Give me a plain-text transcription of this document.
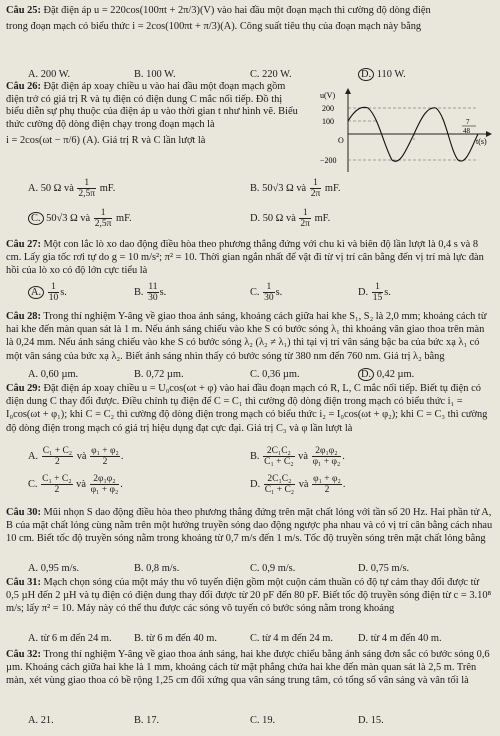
Câu 25: Đặt điện áp u = 220cos(100πt + 2π/3)(V) vào hai đầu một đoạn mạch thì cường độ dòng điện
trong đoạn mạch có biểu thức i = 2cos(100πt + π/3)(A). Công suất tiêu thụ của đoạn mạch này bằng
A. 200 W.	B. 100 W.	C. 220 W.	D. 110 W.
Câu 26: Đặt điện áp xoay chiều u vào hai đầu một đoạn mạch gồm điện trở có giá trị R và tụ điện có điện dung C mắc nối tiếp. Đồ thị biểu diễn sự phụ thuộc của điện áp u vào thời gian t như hình vẽ. Biểu thức cường độ dòng điện chạy trong đoạn mạch là
i = 2cos(ωt − π/6) (A). Giá trị R và C lần lượt là
u(V)
200
100
O
−200
7
48
t(s)
A. 50 Ω và $\frac{1}{2,5\pi}$ mF.	B. 50√3 Ω và $\frac{1}{2\pi}$ mF.
C. 50√3 Ω và $\frac{1}{2,5\pi}$ mF.	D. 50 Ω và $\frac{1}{2\pi}$ mF.
Câu 27: Một con lắc lò xo dao động điều hòa theo phương thẳng đứng với chu kì và biên độ lần lượt là 0,4 s và 8 cm. Lấy gia tốc rơi tự do g = 10 m/s²; π² = 10. Thời gian ngắn nhất để vật đi từ vị trí cân bằng đến vị trí mà lực đàn hồi của lò xo có độ lớn cực tiểu là
A. $\frac{1}{10} s$.	B. $\frac{11}{30} s$.	C. $\frac{1}{30} s$.	D. $\frac{1}{15} s$.
Câu 28: Trong thí nghiệm Y-âng về giao thoa ánh sáng, khoảng cách giữa hai khe S₁, S₂ là 2,0 mm; khoảng cách từ hai khe đến màn quan sát là 1 m. Nếu ánh sáng chiếu vào khe S có bước sóng λ₁ thì khoảng vân giao thoa trên màn là 0,24 mm. Nếu ánh sáng chiếu vào khe S có bước sóng λ₂ (λ₂ ≠ λ₁) thì tại vị trí vân sáng bậc ba của bức xạ λ₁ có một vân sáng của bức xạ λ₂. Biết ánh sáng nhìn thấy có bước sóng từ 380 nm đến 760 nm. Giá trị λ₂ bằng
A. 0,60 µm.	B. 0,72 µm.	C. 0,36 µm.	D. 0,42 µm.
Câu 29: Đặt điện áp xoay chiều u = U₀cos(ωt + φ) vào hai đầu đoạn mạch có R, L, C mắc nối tiếp. Biết tụ điện có điện dung C thay đổi được. Điều chỉnh tụ điện để C = C₁ thì cường độ dòng điện trong mạch có biểu thức i₁ = I₀cos(ωt + φ₁); khi C = C₂ thì cường độ dòng điện trong mạch có biểu thức i₂ = I₀cos(ωt + φ₂); khi C = C₃ thì cường độ dòng điện trong mạch có giá trị hiệu dụng đạt cực đại. Giá trị C₃ và φ lần lượt là
A. $\frac{\text{C₁ + C₂}}{2}$ và $\frac{\text{φ₁ + φ₂}}{2}$ .	B. $\frac{\text{2C₁C₂}}{\text{C₁ + C₂}}$ và $\frac{\text{2φ₁φ₂}}{\text{φ₁ + φ₂}}$ .
C. $\frac{\text{C₁ + C₂}}{2}$ và $\frac{\text{2φ₁φ₂}}{\text{φ₁ + φ₂}}$ .	D. $\frac{\text{2C₁C₂}}{\text{C₁ + C₂}}$ và $\frac{\text{φ₁ + φ₂}}{2}$ .
Câu 30: Mũi nhọn S dao động điều hòa theo phương thẳng đứng trên mặt chất lỏng với tần số 20 Hz. Hai phần tử A, B của mặt chất lỏng cùng nằm trên một hướng truyền sóng dao động ngược pha nhau và có vị trí cân bằng cách nhau 10 cm. Biết tốc độ truyền sóng nằm trong khoảng từ 0,7 m/s đến 1 m/s. Tốc độ truyền sóng trên mặt chất lỏng bằng
A. 0,95 m/s.	B. 0,8 m/s.	C. 0,9 m/s.	D. 0,75 m/s.
Câu 31: Mạch chọn sóng của một máy thu vô tuyến điện gồm một cuộn cảm thuần có độ tự cảm thay đổi được từ 0,5 µH đến 2 µH và tụ điện có điện dung thay đổi được từ 20 pF đến 80 pF. Biết tốc độ truyền sóng điện từ c = 3.10⁸ m/s; lấy π² = 10. Máy này có thể thu được các sóng vô tuyến có bước sóng nằm trong khoảng
A. từ 6 m đến 24 m. B. từ 6 m đến 40 m.	C. từ 4 m đến 24 m. D. từ 4 m đến 40 m.
Câu 32: Trong thí nghiệm Y-âng về giao thoa ánh sáng, hai khe được chiếu bằng ánh sáng đơn sắc có bước sóng 0,6 µm. Khoảng cách giữa hai khe là 1 mm, khoảng cách từ mặt phẳng chứa hai khe đến màn quan sát là 2,5 m. Trên màn, xét vùng giao thoa có bề rộng 1,25 cm đối xứng qua vân sáng trung tâm, có tổng số vân sáng và vân tối là
A. 21.	B. 17.	C. 19.	D. 15.
